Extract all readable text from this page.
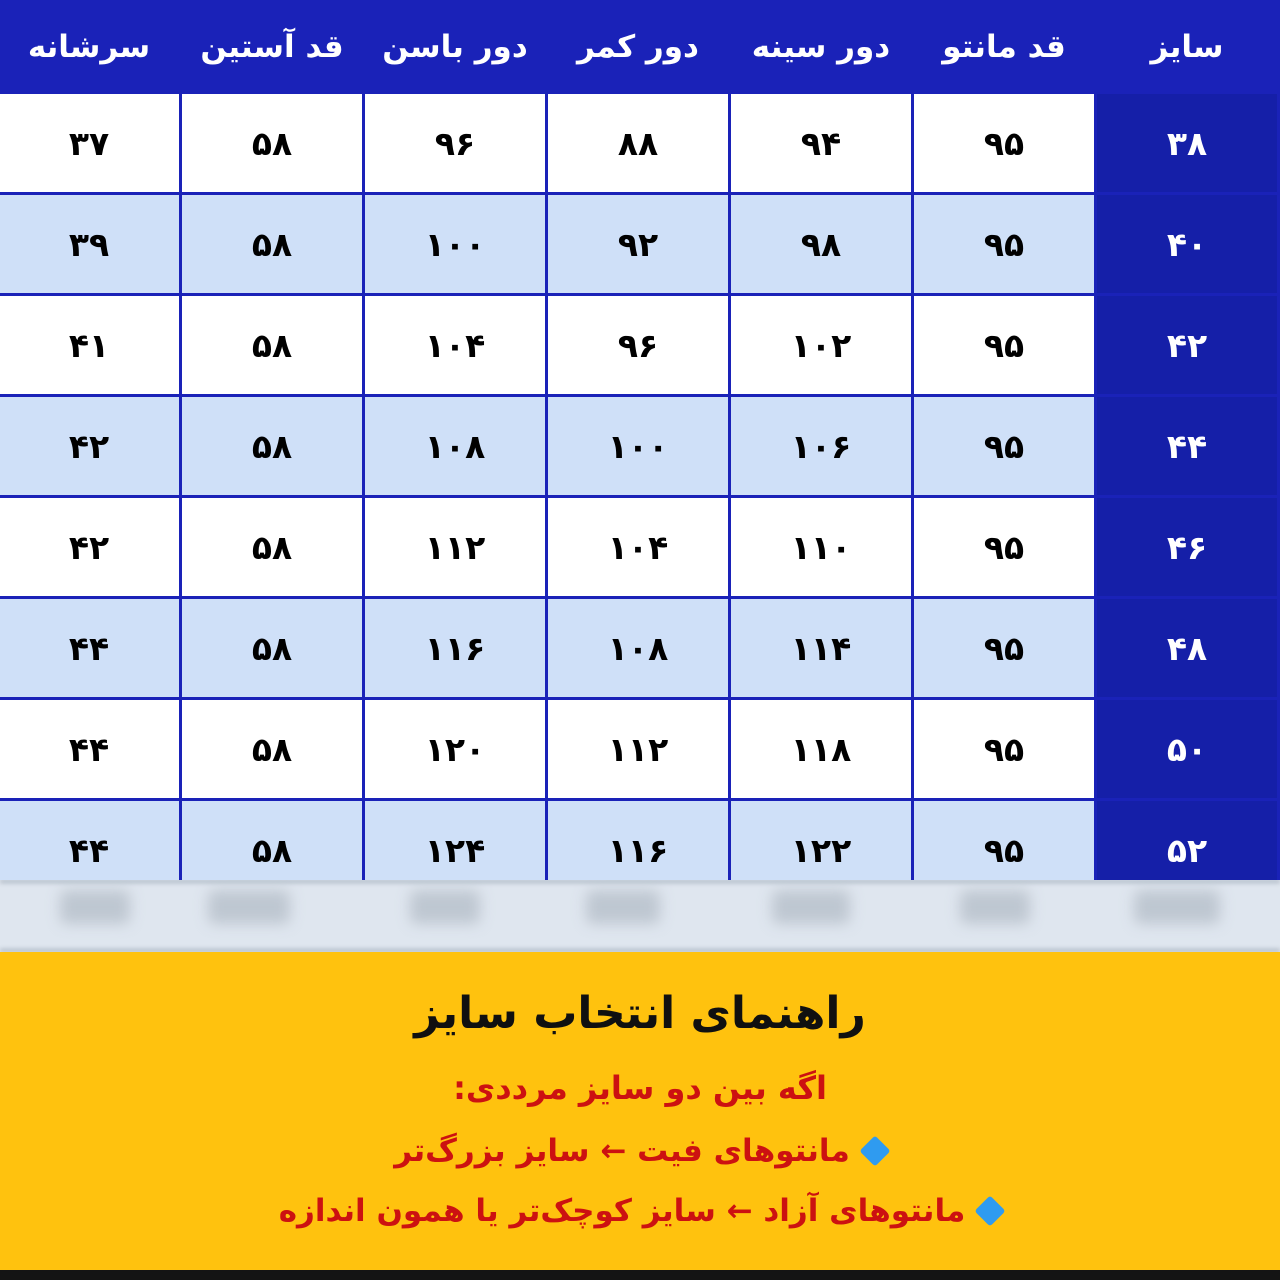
سایز	قد مانتو	دور سینه	دور کمر	دور باسن	قد آستین	سرشانه
۳۸	۹۵	۹۴	۸۸	۹۶	۵۸	۳۷
۴۰	۹۵	۹۸	۹۲	۱۰۰	۵۸	۳۹
۴۲	۹۵	۱۰۲	۹۶	۱۰۴	۵۸	۴۱
۴۴	۹۵	۱۰۶	۱۰۰	۱۰۸	۵۸	۴۲
۴۶	۹۵	۱۱۰	۱۰۴	۱۱۲	۵۸	۴۲
۴۸	۹۵	۱۱۴	۱۰۸	۱۱۶	۵۸	۴۴
۵۰	۹۵	۱۱۸	۱۱۲	۱۲۰	۵۸	۴۴
۵۲	۹۵	۱۲۲	۱۱۶	۱۲۴	۵۸	۴۴
راهنمای انتخاب سایز
اگه بین دو سایز مرددی:
مانتوهای فیت ← سایز بزرگ‌تر
مانتوهای آزاد ← سایز کوچک‌تر یا همون اندازه
